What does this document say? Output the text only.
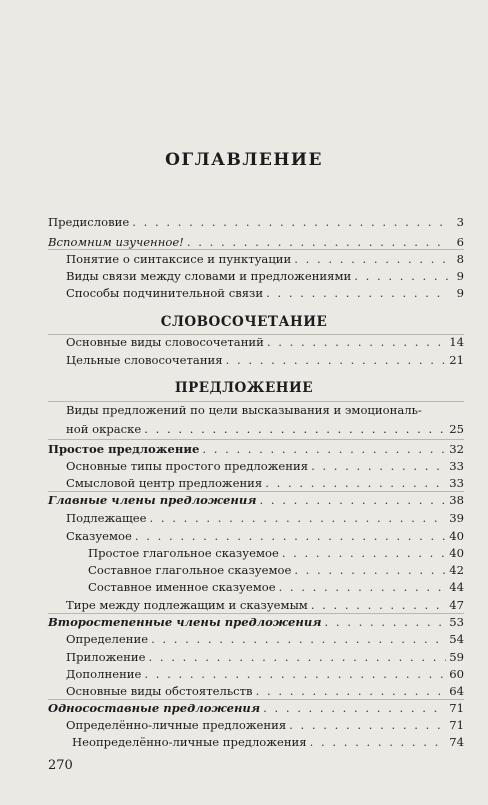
ОГЛАВЛЕНИЕ
Предисловие . . .	3
Вспомним изученное! . . .	6
Понятие о синтаксисе и пунктуации . . .	8
Виды связи между словами и предложениями . . .	9
Способы подчинительной связи . . .	9
СЛОВОСОЧЕТАНИЕ
Основные виды словосочетаний . . .	14
Цельные словосочетания . . .	21
ПРЕДЛОЖЕНИЕ
Виды предложений по цели высказывания и эмоциональ-
ной окраске . . .	25
Простое предложение . . .	32
Основные типы простого предложения . . .	33
Смысловой центр предложения . . .	33
Главные члены предложения . . .	38
Подлежащее . . .	39
Сказуемое . . .	40
Простое глагольное сказуемое . . .	40
Составное глагольное сказуемое . . .	42
Составное именное сказуемое . . .	44
Тире между подлежащим и сказуемым . . .	47
Второстепенные члены предложения . . .	53
Определение . . .	54
Приложение . . .	59
Дополнение . . .	60
Основные виды обстоятельств . . .	64
Односоставные предложения . . .	71
Определённо-личные предложения . . .	71
Неопределённо-личные предложения . . .	74
270
